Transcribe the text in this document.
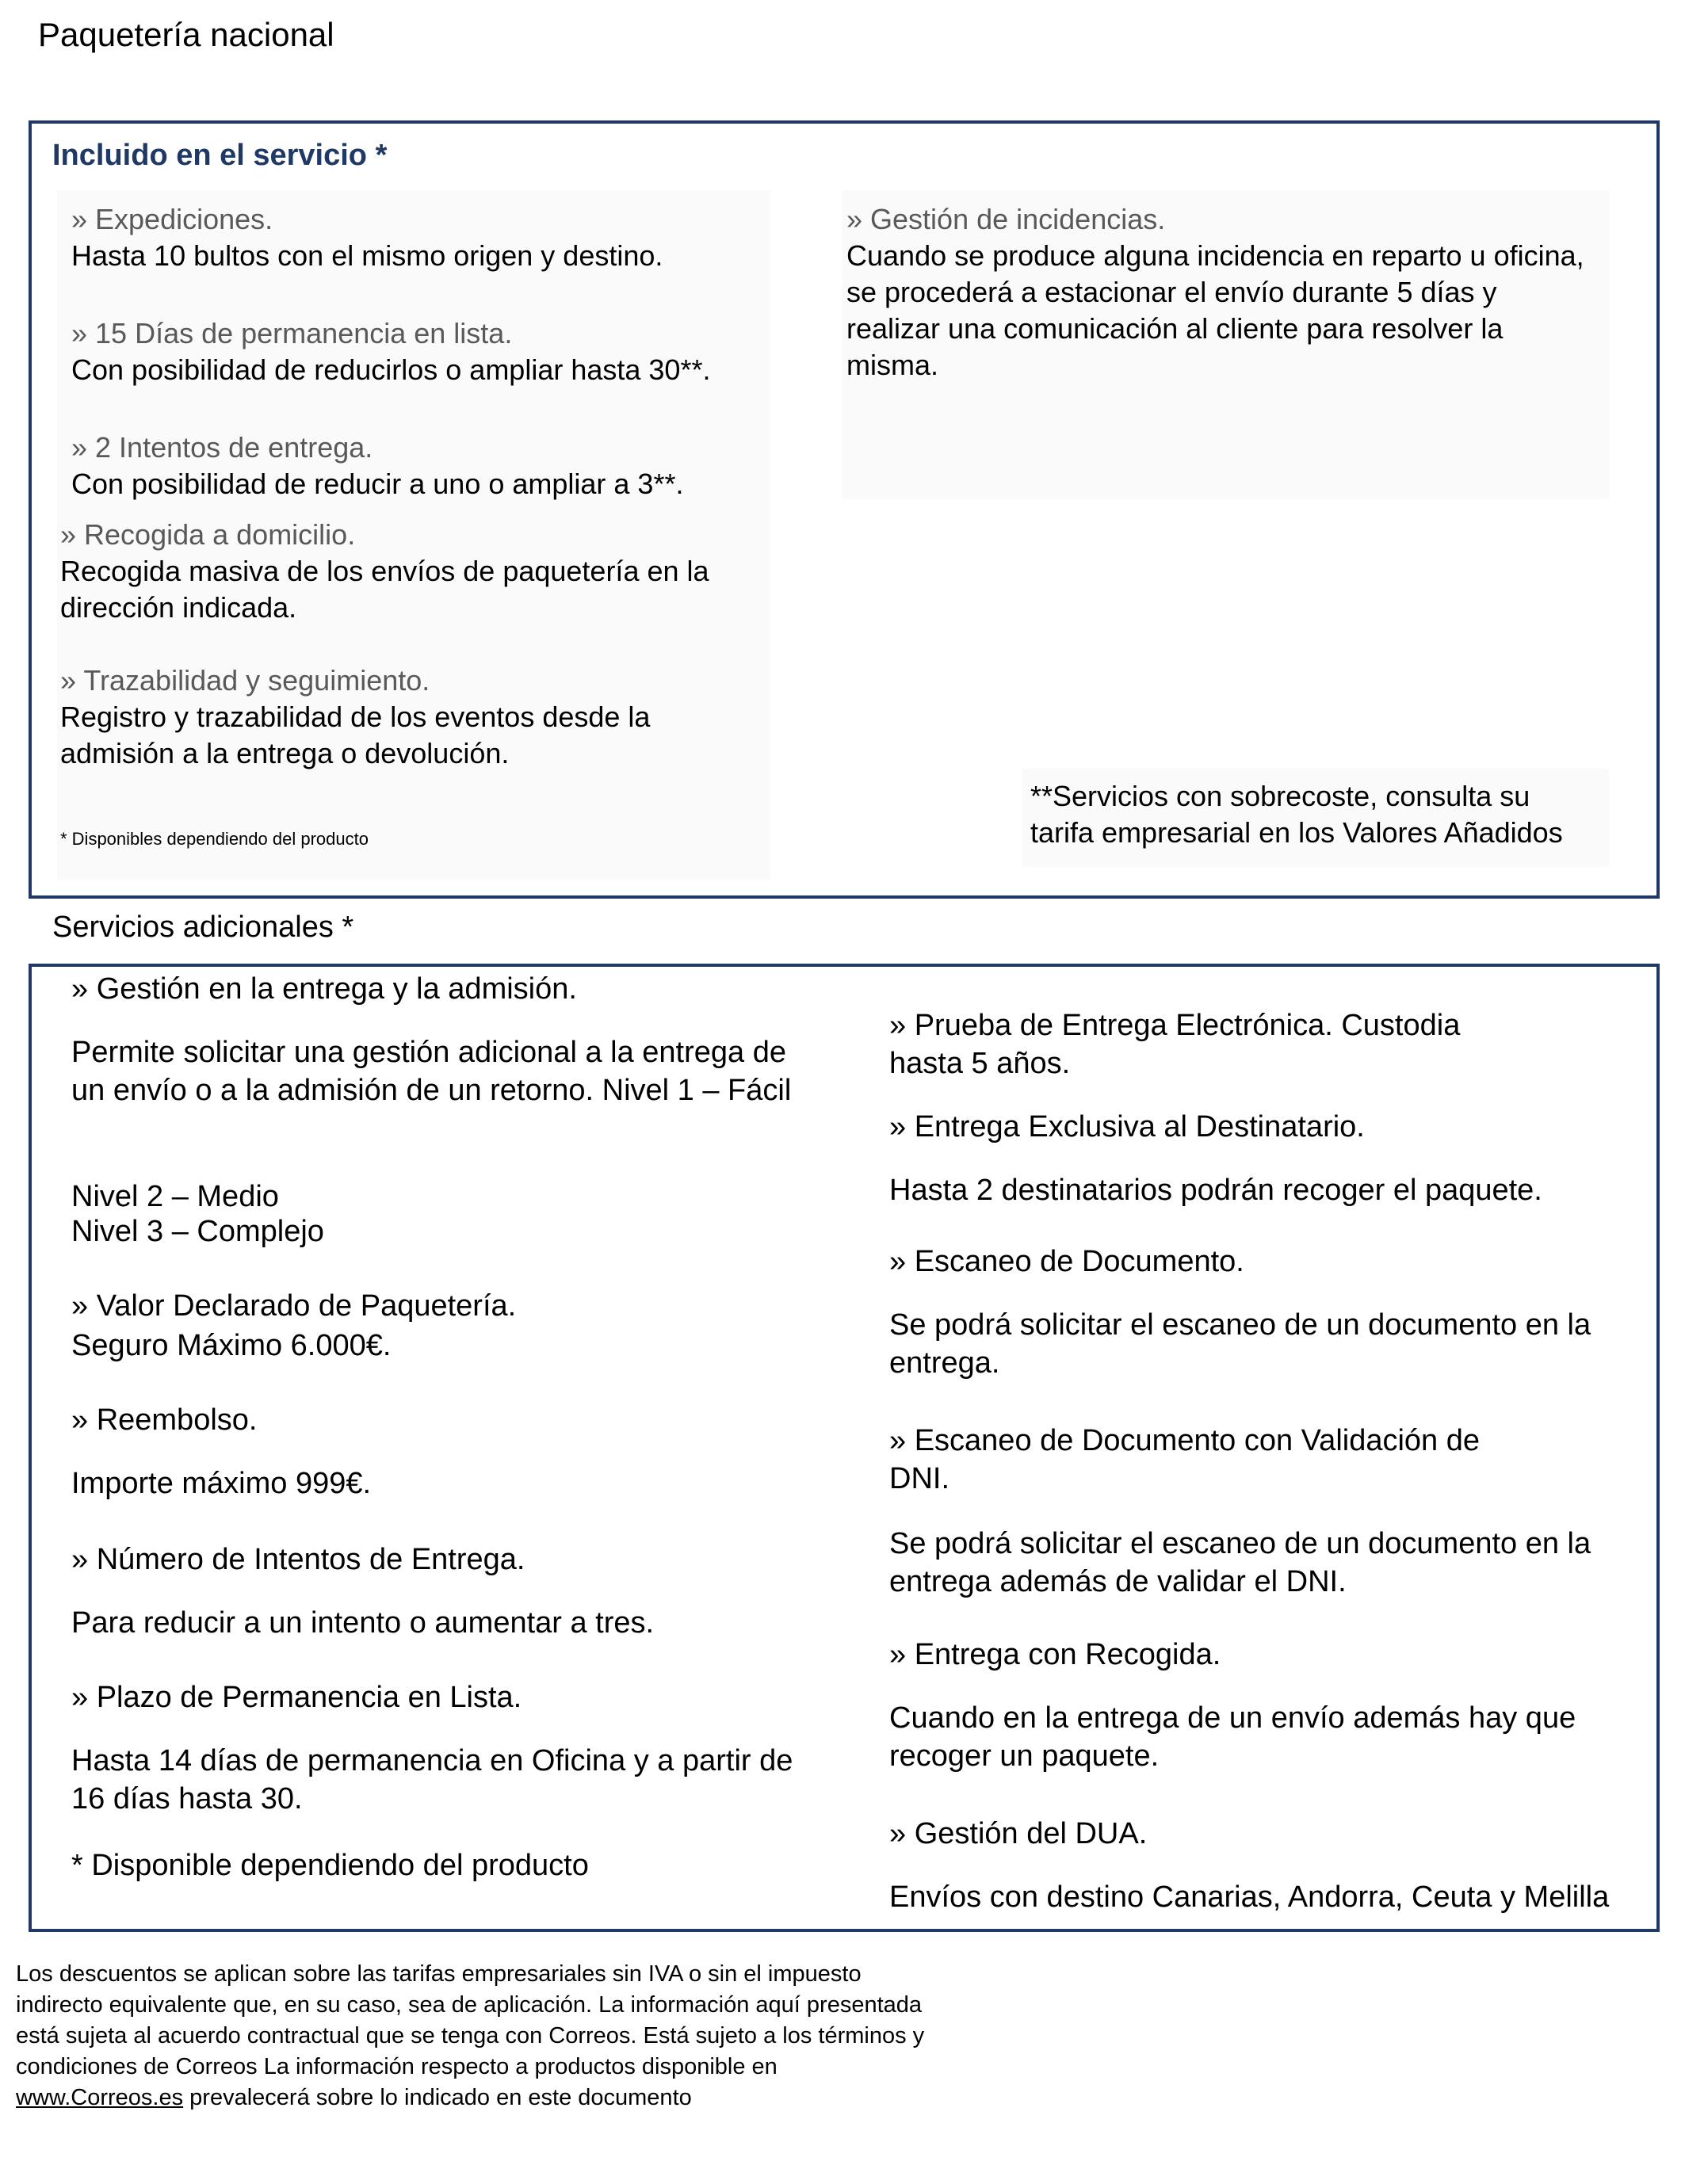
Paquetería nacional
Incluido en el servicio *
» Expediciones.
Hasta 10 bultos con el mismo origen y destino.
» 15 Días de permanencia en lista.
Con posibilidad de reducirlos o ampliar hasta 30**.
» 2 Intentos de entrega.
Con posibilidad de reducir a uno o ampliar a 3**.
» Recogida a domicilio.
Recogida masiva de los envíos de paquetería en la dirección indicada.
» Trazabilidad y seguimiento.
Registro y trazabilidad de los eventos desde la admisión a la entrega o devolución.
* Disponibles dependiendo del producto
» Gestión de incidencias.
Cuando se produce alguna incidencia en reparto u oficina, se procederá a estacionar el envío durante 5 días y realizar una comunicación al cliente para resolver la misma.
**Servicios con sobrecoste, consulta su tarifa empresarial en los Valores Añadidos
Servicios adicionales *
» Gestión en la entrega y la admisión.
Permite solicitar una gestión adicional a la entrega de un envío o a la admisión de un retorno. Nivel 1 – Fácil
Nivel 2 – Medio
Nivel 3 – Complejo
» Valor Declarado de Paquetería.
Seguro Máximo 6.000€.
» Reembolso.
Importe máximo 999€.
» Número de Intentos de Entrega.
Para reducir a un intento o aumentar a tres.
» Plazo de Permanencia en Lista.
Hasta 14 días de permanencia en Oficina y a partir de 16 días hasta 30.
* Disponible dependiendo del producto
» Prueba de Entrega Electrónica. Custodia
hasta 5 años.
» Entrega Exclusiva al Destinatario.
Hasta 2 destinatarios podrán recoger el paquete.
» Escaneo de Documento.
Se podrá solicitar el escaneo de un documento en la entrega.
» Escaneo de Documento con Validación de
DNI.
Se podrá solicitar el escaneo de un documento en la entrega además de validar el DNI.
» Entrega con Recogida.
Cuando en la entrega de un envío además hay que recoger un paquete.
» Gestión del DUA.
Envíos con destino Canarias, Andorra, Ceuta y Melilla
Los descuentos se aplican sobre las tarifas empresariales sin IVA o sin el impuesto indirecto equivalente que, en su caso, sea de aplicación. La información aquí presentada está sujeta al acuerdo contractual que se tenga con Correos. Está sujeto a los términos y condiciones de Correos La información respecto a productos disponible en www.Correos.es prevalecerá sobre lo indicado en este documento
